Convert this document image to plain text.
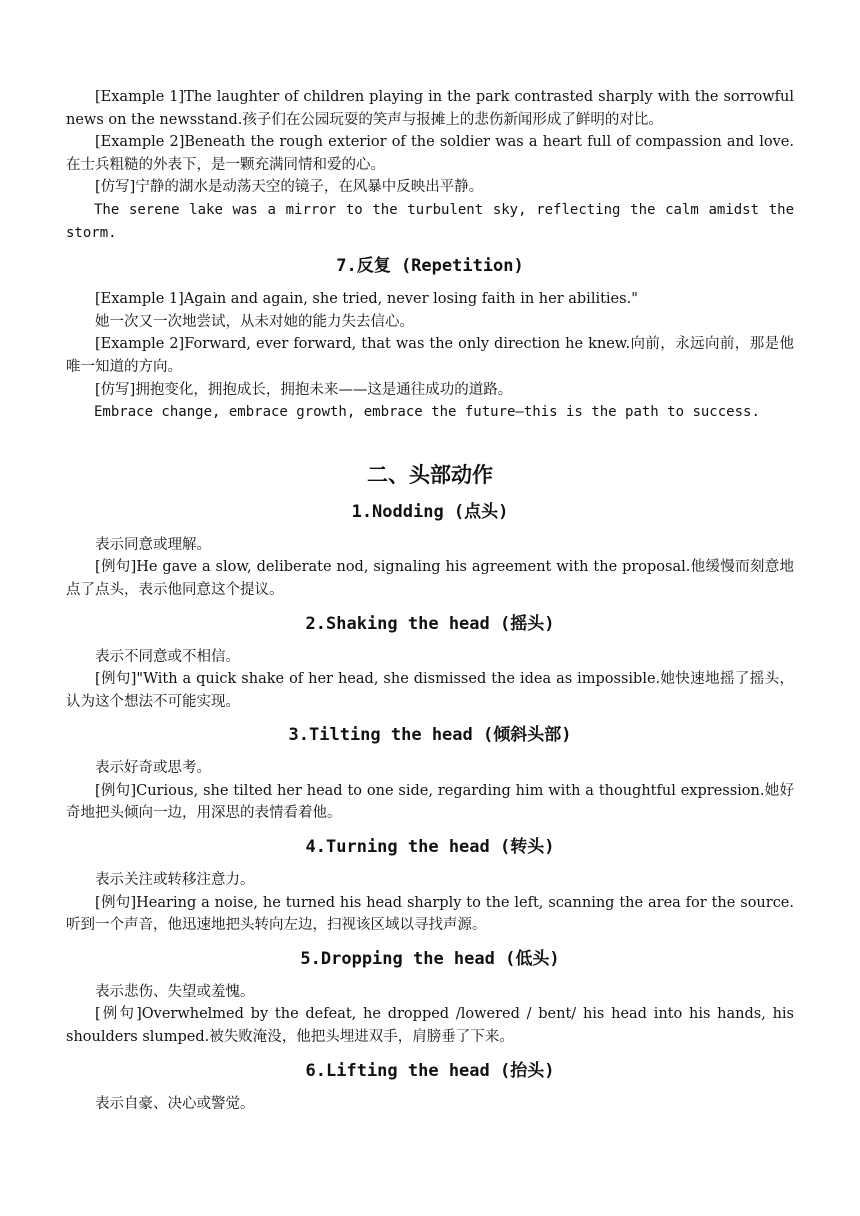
[Example 1]The laughter of children playing in the park contrasted sharply with the sorrowful news on the newsstand.孩子们在公园玩耍的笑声与报摊上的悲伤新闻形成了鲜明的对比。

[Example 2]Beneath the rough exterior of the soldier was a heart full of compassion and love.在士兵粗糙的外表下，是一颗充满同情和爱的心。

[仿写]宁静的湖水是动荡天空的镜子，在风暴中反映出平静。

The serene lake was a mirror to the turbulent sky, reflecting the calm amidst the storm.

7.反复 (Repetition)

[Example 1]Again and again, she tried, never losing faith in her abilities."

她一次又一次地尝试，从未对她的能力失去信心。

[Example 2]Forward, ever forward, that was the only direction he knew.向前，永远向前，那是他唯一知道的方向。

[仿写]拥抱变化，拥抱成长，拥抱未来——这是通往成功的道路。

Embrace change, embrace growth, embrace the future—this is the path to success.

二、头部动作
1.Nodding (点头)

表示同意或理解。

[例句]He gave a slow, deliberate nod, signaling his agreement with the proposal.他缓慢而刻意地点了点头，表示他同意这个提议。

2.Shaking the head (摇头)

表示不同意或不相信。

[例句]"With a quick shake of her head, she dismissed the idea as impossible.她快速地摇了摇头，认为这个想法不可能实现。

3.Tilting the head (倾斜头部)

表示好奇或思考。

[例句]Curious, she tilted her head to one side, regarding him with a thoughtful expression.她好奇地把头倾向一边，用深思的表情看着他。

4.Turning the head (转头)

表示关注或转移注意力。

[例句]Hearing a noise, he turned his head sharply to the left, scanning the area for the source.听到一个声音，他迅速地把头转向左边，扫视该区域以寻找声源。

5.Dropping the head (低头)

表示悲伤、失望或羞愧。

[例句]Overwhelmed by the defeat, he dropped /lowered / bent/ his head into his hands, his shoulders slumped.被失败淹没，他把头埋进双手，肩膀垂了下来。

6.Lifting the head (抬头)

表示自豪、决心或警觉。
